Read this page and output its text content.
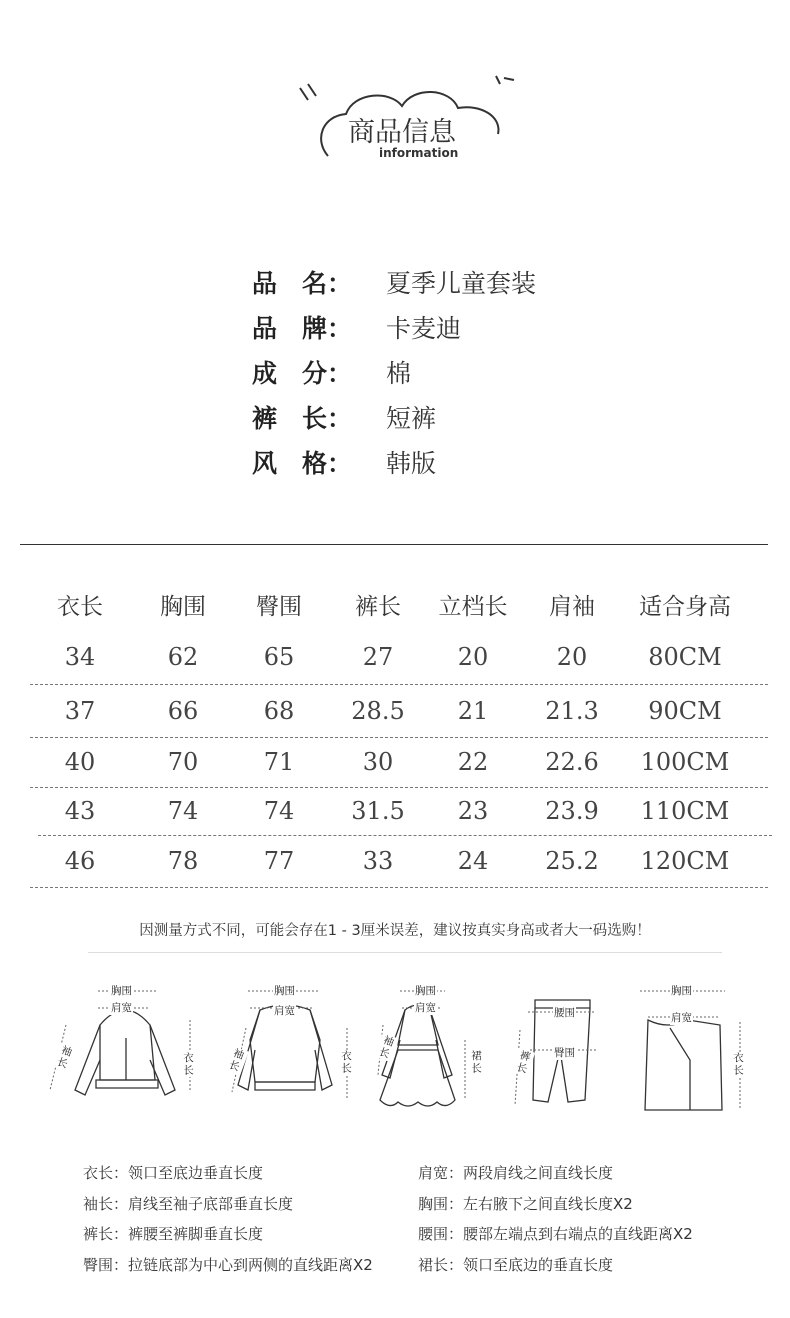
商品信息
information
品　名：	夏季儿童套装
品　牌：	卡麦迪
成　分：	棉
裤　长：	短裤
风　格：	韩版
衣长	胸围	臀围	裤长	立档长	肩袖	适合身高
34	62	65	27	20	20	80CM
37	66	68	28.5	21	21.3	90CM
40	70	71	30	22	22.6	100CM
43	74	74	31.5	23	23.9	110CM
46	78	77	33	24	25.2	120CM
因测量方式不同，可能会存在1 - 3厘米误差，建议按真实身高或者大一码选购！
胸围
肩宽
袖长	衣长
胸围
肩宽
袖长	衣长
胸围
肩宽
袖长
裙长
腰围
臀围
裤长
胸围
肩宽
衣长
衣长：领口至底边垂直长度	肩宽：两段肩线之间直线长度
袖长：肩线至袖子底部垂直长度	胸围：左右腋下之间直线长度X2
裤长：裤腰至裤脚垂直长度	腰围：腰部左端点到右端点的直线距离X2
臀围：拉链底部为中心到两侧的直线距离X2	裙长：领口至底边的垂直长度
